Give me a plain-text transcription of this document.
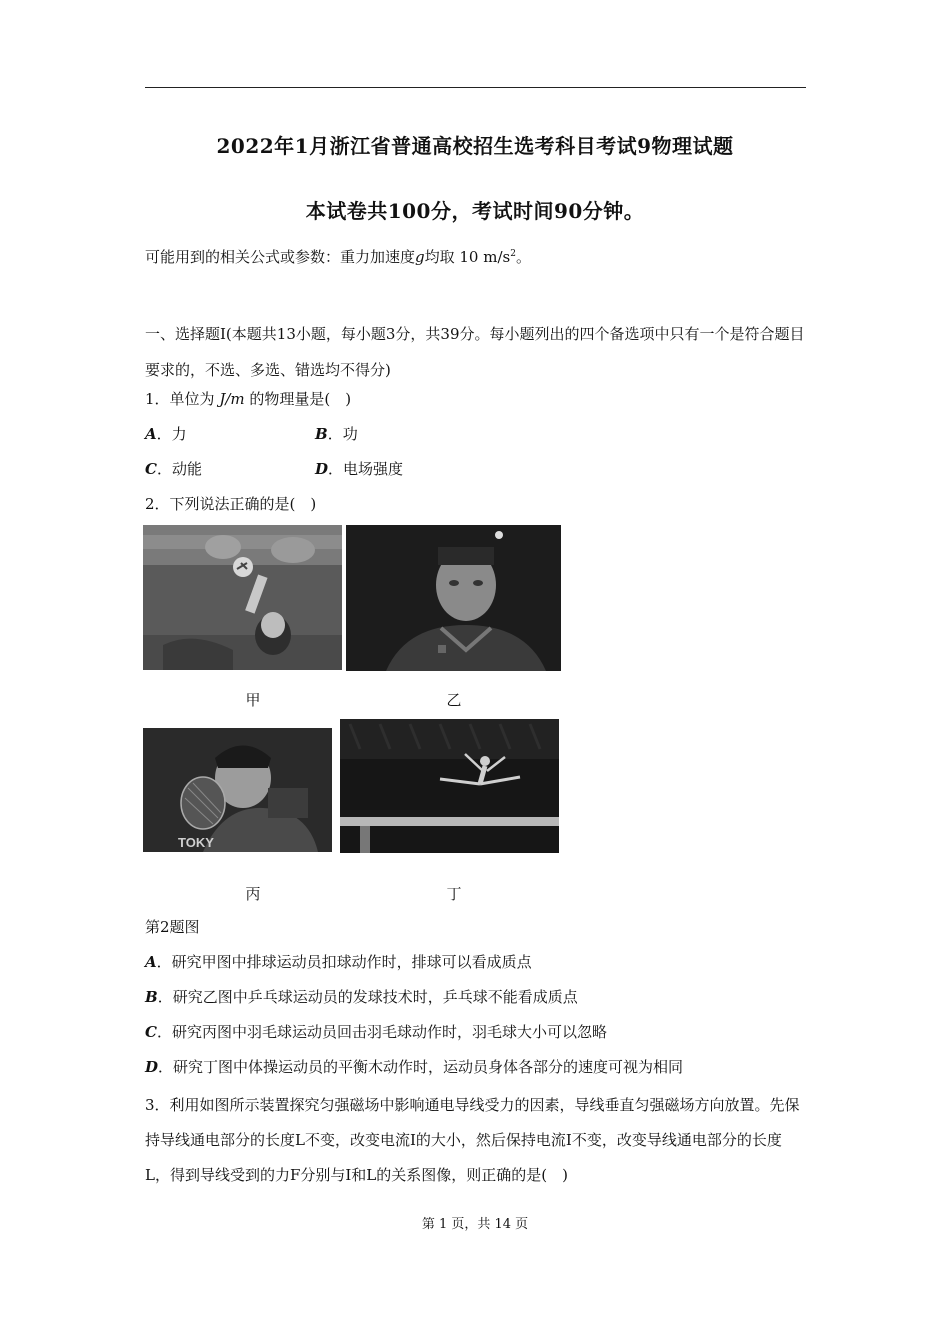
2022年1月浙江省普通高校招生选考科目考试9物理试题
本试卷共100分，考试时间90分钟。
可能用到的相关公式或参数：重力加速度g均取 10 $m/s^2$。
一、选择题Ⅰ(本题共13小题，每小题3分，共39分。每小题列出的四个备选项中只有一个是符合题目要求的，不选、多选、错选均不得分)
1．单位为 J/m 的物理量是(　)
A．力	B．功
C．动能	D．电场强度
2．下列说法正确的是(　)
甲	乙
TOKY
丙	丁
第2题图
A．研究甲图中排球运动员扣球动作时，排球可以看成质点
B．研究乙图中乒乓球运动员的发球技术时，乒乓球不能看成质点
C．研究丙图中羽毛球运动员回击羽毛球动作时，羽毛球大小可以忽略
D．研究丁图中体操运动员的平衡木动作时，运动员身体各部分的速度可视为相同
3．利用如图所示装置探究匀强磁场中影响通电导线受力的因素，导线垂直匀强磁场方向放置。先保持导线通电部分的长度L不变，改变电流I的大小，然后保持电流I不变，改变导线通电部分的长度L，得到导线受到的力F分别与I和L的关系图像，则正确的是(　)
第 1 页，共 14 页
